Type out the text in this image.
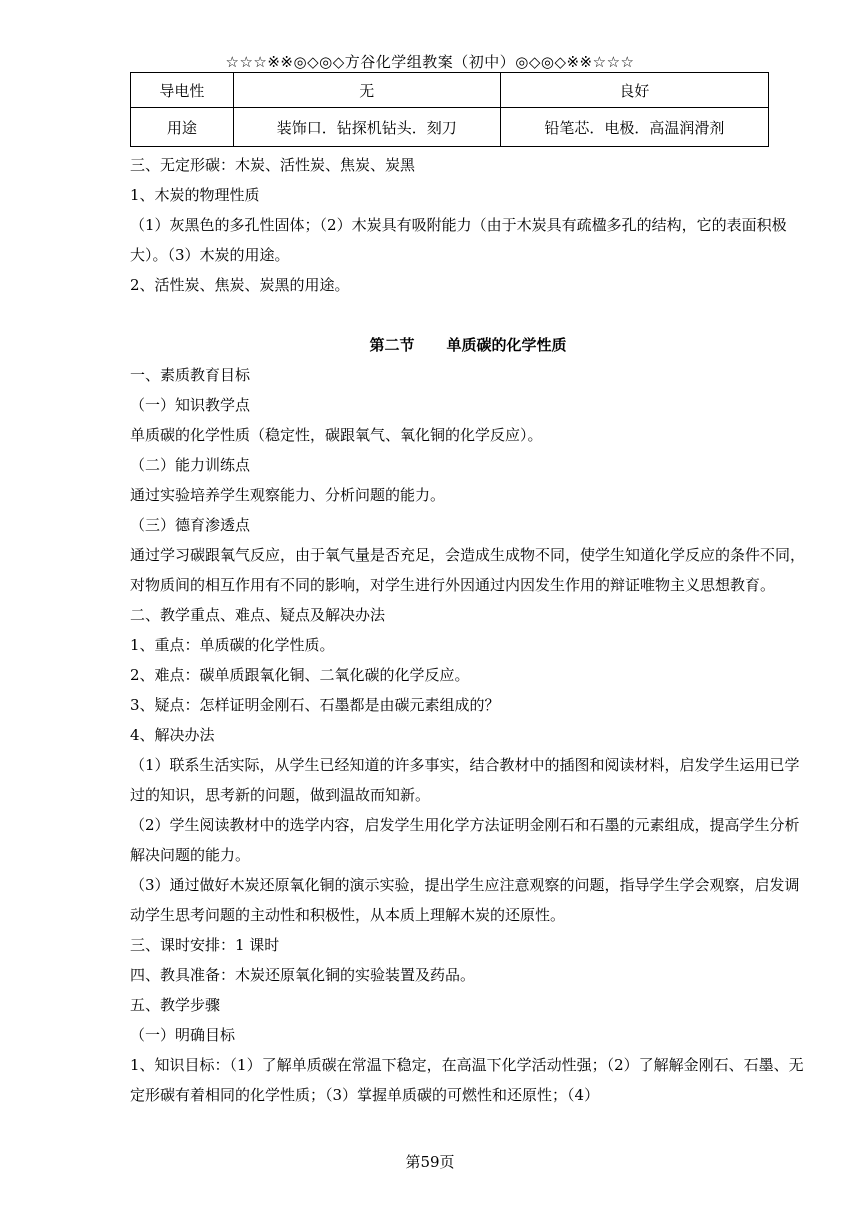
☆☆☆※※◎◇◎◇方谷化学组教案（初中）◎◇◎◇※※☆☆☆
导电性	无	良好
用途	装饰口．钻探机钻头．刻刀	铅笔芯．电极．高温润滑剂

三、无定形碳：木炭、活性炭、焦炭、炭黑

1、木炭的物理性质

（1）灰黑色的多孔性固体；（2）木炭具有吸附能力（由于木炭具有疏楹多孔的结构，它的表面积极大）。（3）木炭的用途。

2、活性炭、焦炭、炭黑的用途。

第二节 单质碳的化学性质

一、素质教育目标

（一）知识教学点

单质碳的化学性质（稳定性，碳跟氧气、氧化铜的化学反应）。

（二）能力训练点

通过实验培养学生观察能力、分析问题的能力。

（三）德育渗透点

通过学习碳跟氧气反应，由于氧气量是否充足，会造成生成物不同，使学生知道化学反应的条件不同，对物质间的相互作用有不同的影响，对学生进行外因通过内因发生作用的辩证唯物主义思想教育。

二、教学重点、难点、疑点及解决办法

1、重点：单质碳的化学性质。

2、难点：碳单质跟氧化铜、二氧化碳的化学反应。

3、疑点：怎样证明金刚石、石墨都是由碳元素组成的？

4、解决办法

（1）联系生活实际，从学生已经知道的许多事实，结合教材中的插图和阅读材料，启发学生运用已学过的知识，思考新的问题，做到温故而知新。

（2）学生阅读教材中的选学内容，启发学生用化学方法证明金刚石和石墨的元素组成，提高学生分析解决问题的能力。

（3）通过做好木炭还原氧化铜的演示实验，提出学生应注意观察的问题，指导学生学会观察，启发调动学生思考问题的主动性和积极性，从本质上理解木炭的还原性。

三、课时安排：1 课时

四、教具准备：木炭还原氧化铜的实验装置及药品。

五、教学步骤

（一）明确目标

1、知识目标：（1）了解单质碳在常温下稳定，在高温下化学活动性强；（2）了解解金刚石、石墨、无定形碳有着相同的化学性质；（3）掌握单质碳的可燃性和还原性；（4）

第59页
